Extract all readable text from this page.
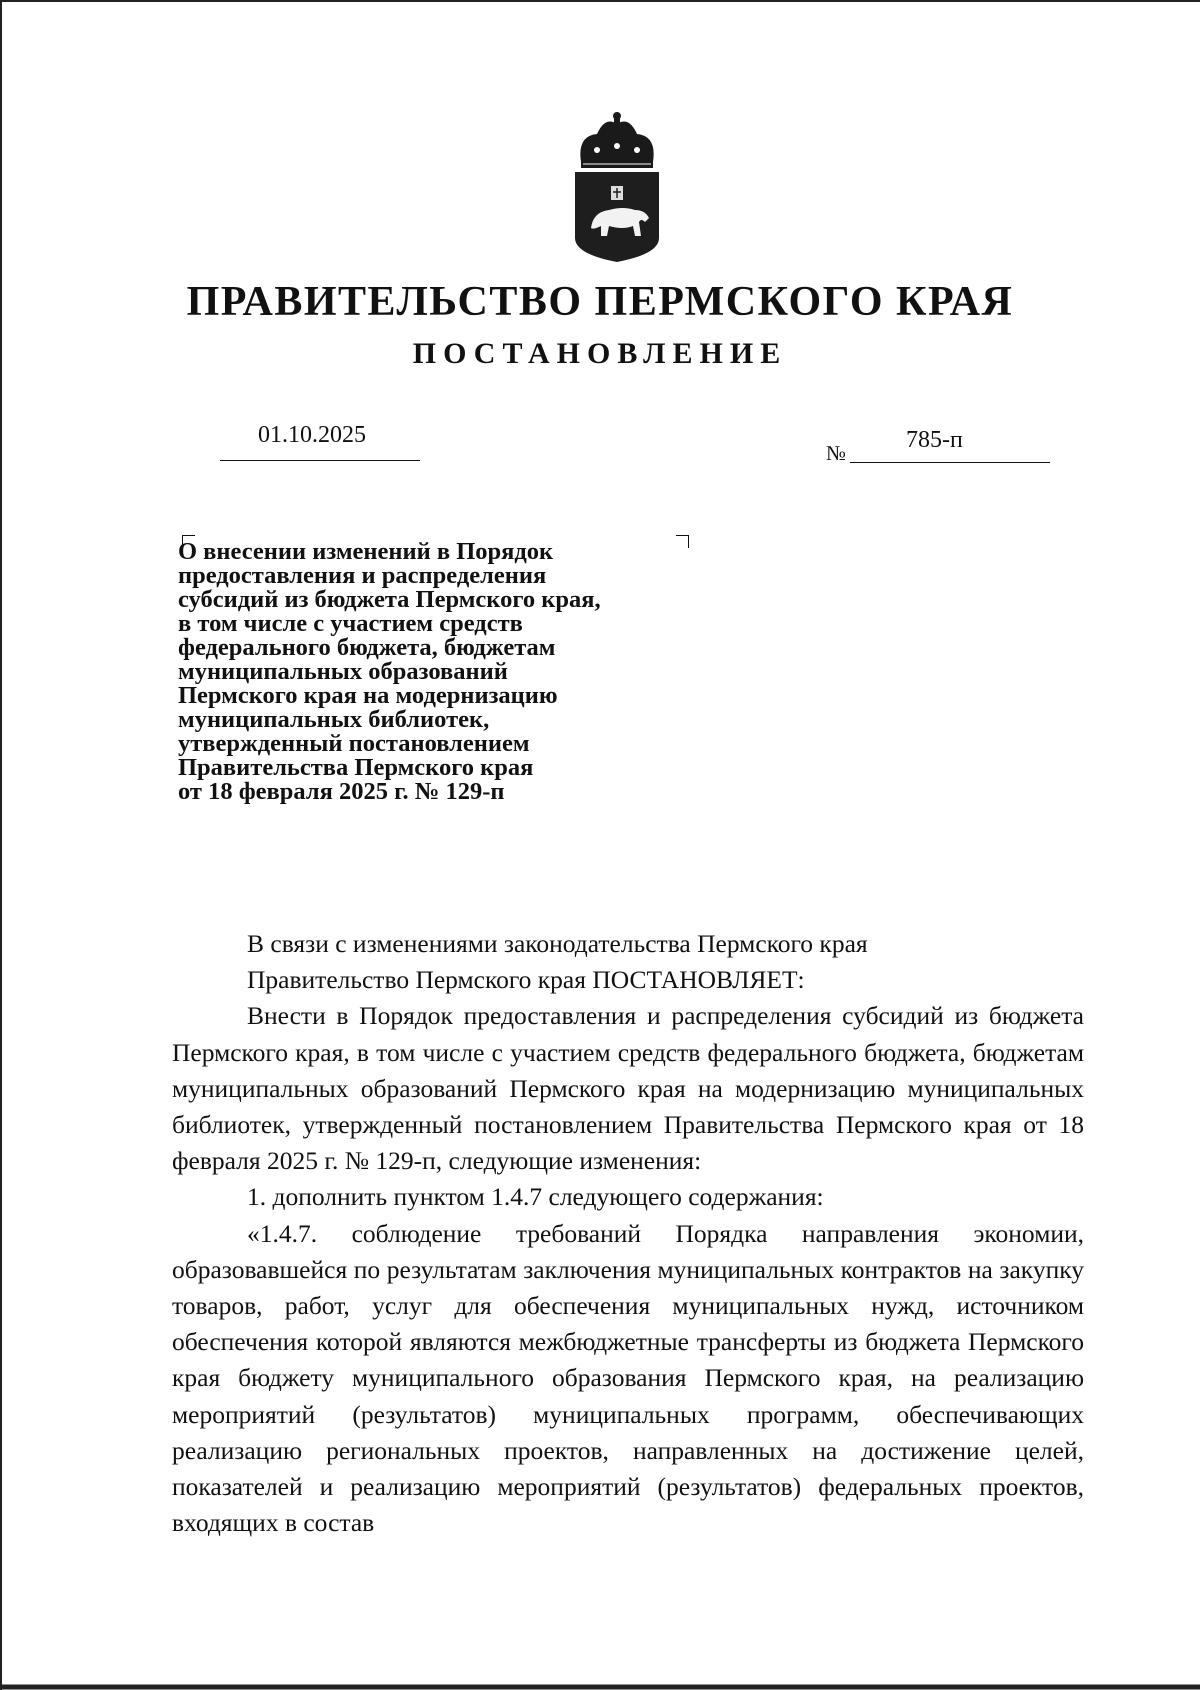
ПРАВИТЕЛЬСТВО ПЕРМСКОГО КРАЯ
ПОСТАНОВЛЕНИЕ
01.10.2025
№ 785-п
О внесении изменений в Порядок
предоставления и распределения
субсидий из бюджета Пермского края,
в том числе с участием средств
федерального бюджета, бюджетам
муниципальных образований
Пермского края на модернизацию
муниципальных библиотек,
утвержденный постановлением
Правительства Пермского края
от 18 февраля 2025 г. № 129-п

В связи с изменениями законодательства Пермского края

Правительство Пермского края ПОСТАНОВЛЯЕТ:

Внести в Порядок предоставления и распределения субсидий из бюджета Пермского края, в том числе с участием средств федерального бюджета, бюджетам муниципальных образований Пермского края на модернизацию муниципальных библиотек, утвержденный постановлением Правительства Пермского края от 18 февраля 2025 г. № 129-п, следующие изменения:

1. дополнить пунктом 1.4.7 следующего содержания:

«1.4.7. соблюдение требований Порядка направления экономии, образовавшейся по результатам заключения муниципальных контрактов на закупку товаров, работ, услуг для обеспечения муниципальных нужд, источником обеспечения которой являются межбюджетные трансферты из бюджета Пермского края бюджету муниципального образования Пермского края, на реализацию мероприятий (результатов) муниципальных программ, обеспечивающих реализацию региональных проектов, направленных на достижение целей, показателей и реализацию мероприятий (результатов) федеральных проектов, входящих в состав
